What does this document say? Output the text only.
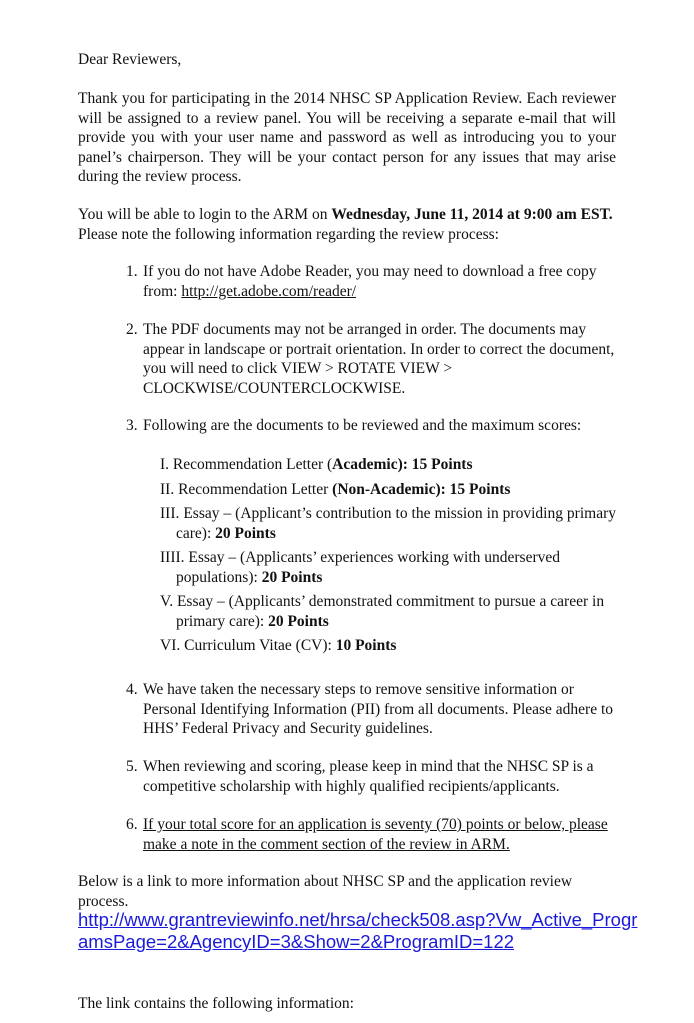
Dear Reviewers,

Thank you for participating in the 2014 NHSC SP Application Review. Each reviewer will be assigned to a review panel. You will be receiving a separate e-mail that will provide you with your user name and password as well as introducing you to your panel’s chairperson. They will be your contact person for any issues that may arise during the review process.

You will be able to login to the ARM on Wednesday, June 11, 2014 at 9:00 am EST. Please note the following information regarding the review process:

1. If you do not have Adobe Reader, you may need to download a free copy from: http://get.adobe.com/reader/
2. The PDF documents may not be arranged in order. The documents may appear in landscape or portrait orientation. In order to correct the document, you will need to click VIEW > ROTATE VIEW > CLOCKWISE/COUNTERCLOCKWISE.
3. Following are the documents to be reviewed and the maximum scores:
I. Recommendation Letter (Academic): 15 Points
II. Recommendation Letter (Non-Academic): 15 Points
III. Essay – (Applicant’s contribution to the mission in providing primary care): 20 Points
IIII. Essay – (Applicants’ experiences working with underserved populations): 20 Points
V. Essay – (Applicants’ demonstrated commitment to pursue a career in primary care): 20 Points
VI. Curriculum Vitae (CV): 10 Points
4. We have taken the necessary steps to remove sensitive information or Personal Identifying Information (PII) from all documents. Please adhere to HHS’ Federal Privacy and Security guidelines.
5. When reviewing and scoring, please keep in mind that the NHSC SP is a competitive scholarship with highly qualified recipients/applicants.
6. If your total score for an application is seventy (70) points or below, please make a note in the comment section of the review in ARM.

Below is a link to more information about NHSC SP and the application review process.

http://www.grantreviewinfo.net/hrsa/check508.asp?Vw_Active_ProgramsPage=2&AgencyID=3&Show=2&ProgramID=122

The link contains the following information:
